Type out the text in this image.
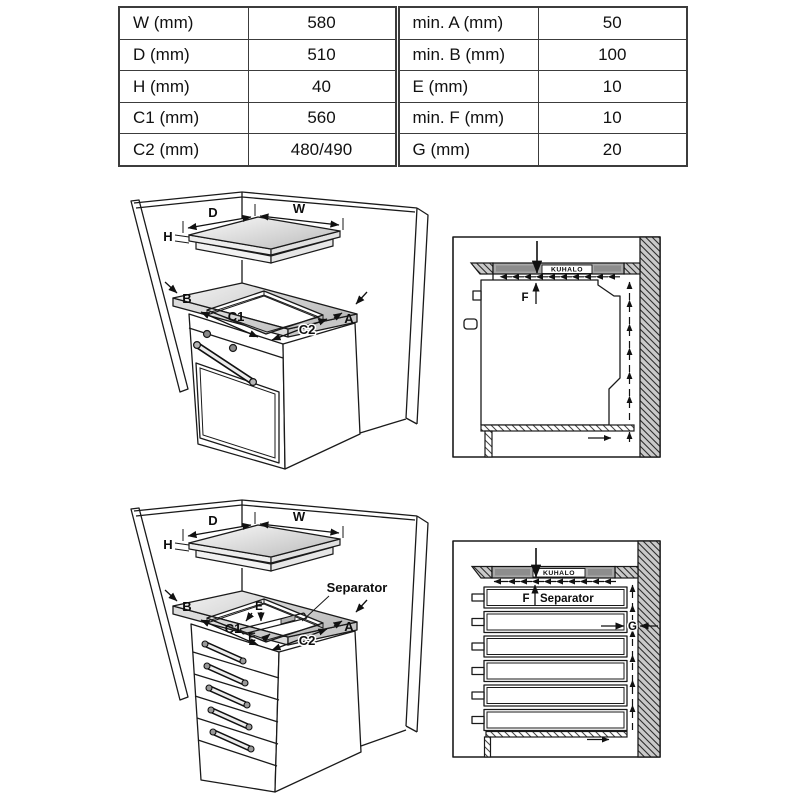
W (mm)	580	min. A (mm)	50
D (mm)	510	min. B (mm)	100
H (mm)	40	E (mm)	10
C1 (mm)	560	min. F (mm)	10
C2 (mm)	480/490	G (mm)	20
D	W
H
B
A
C1
C2
KUHALO
F
D	W
H
B
A
C1
C2
E
E
Separator
KUHALO
F Separator
G
